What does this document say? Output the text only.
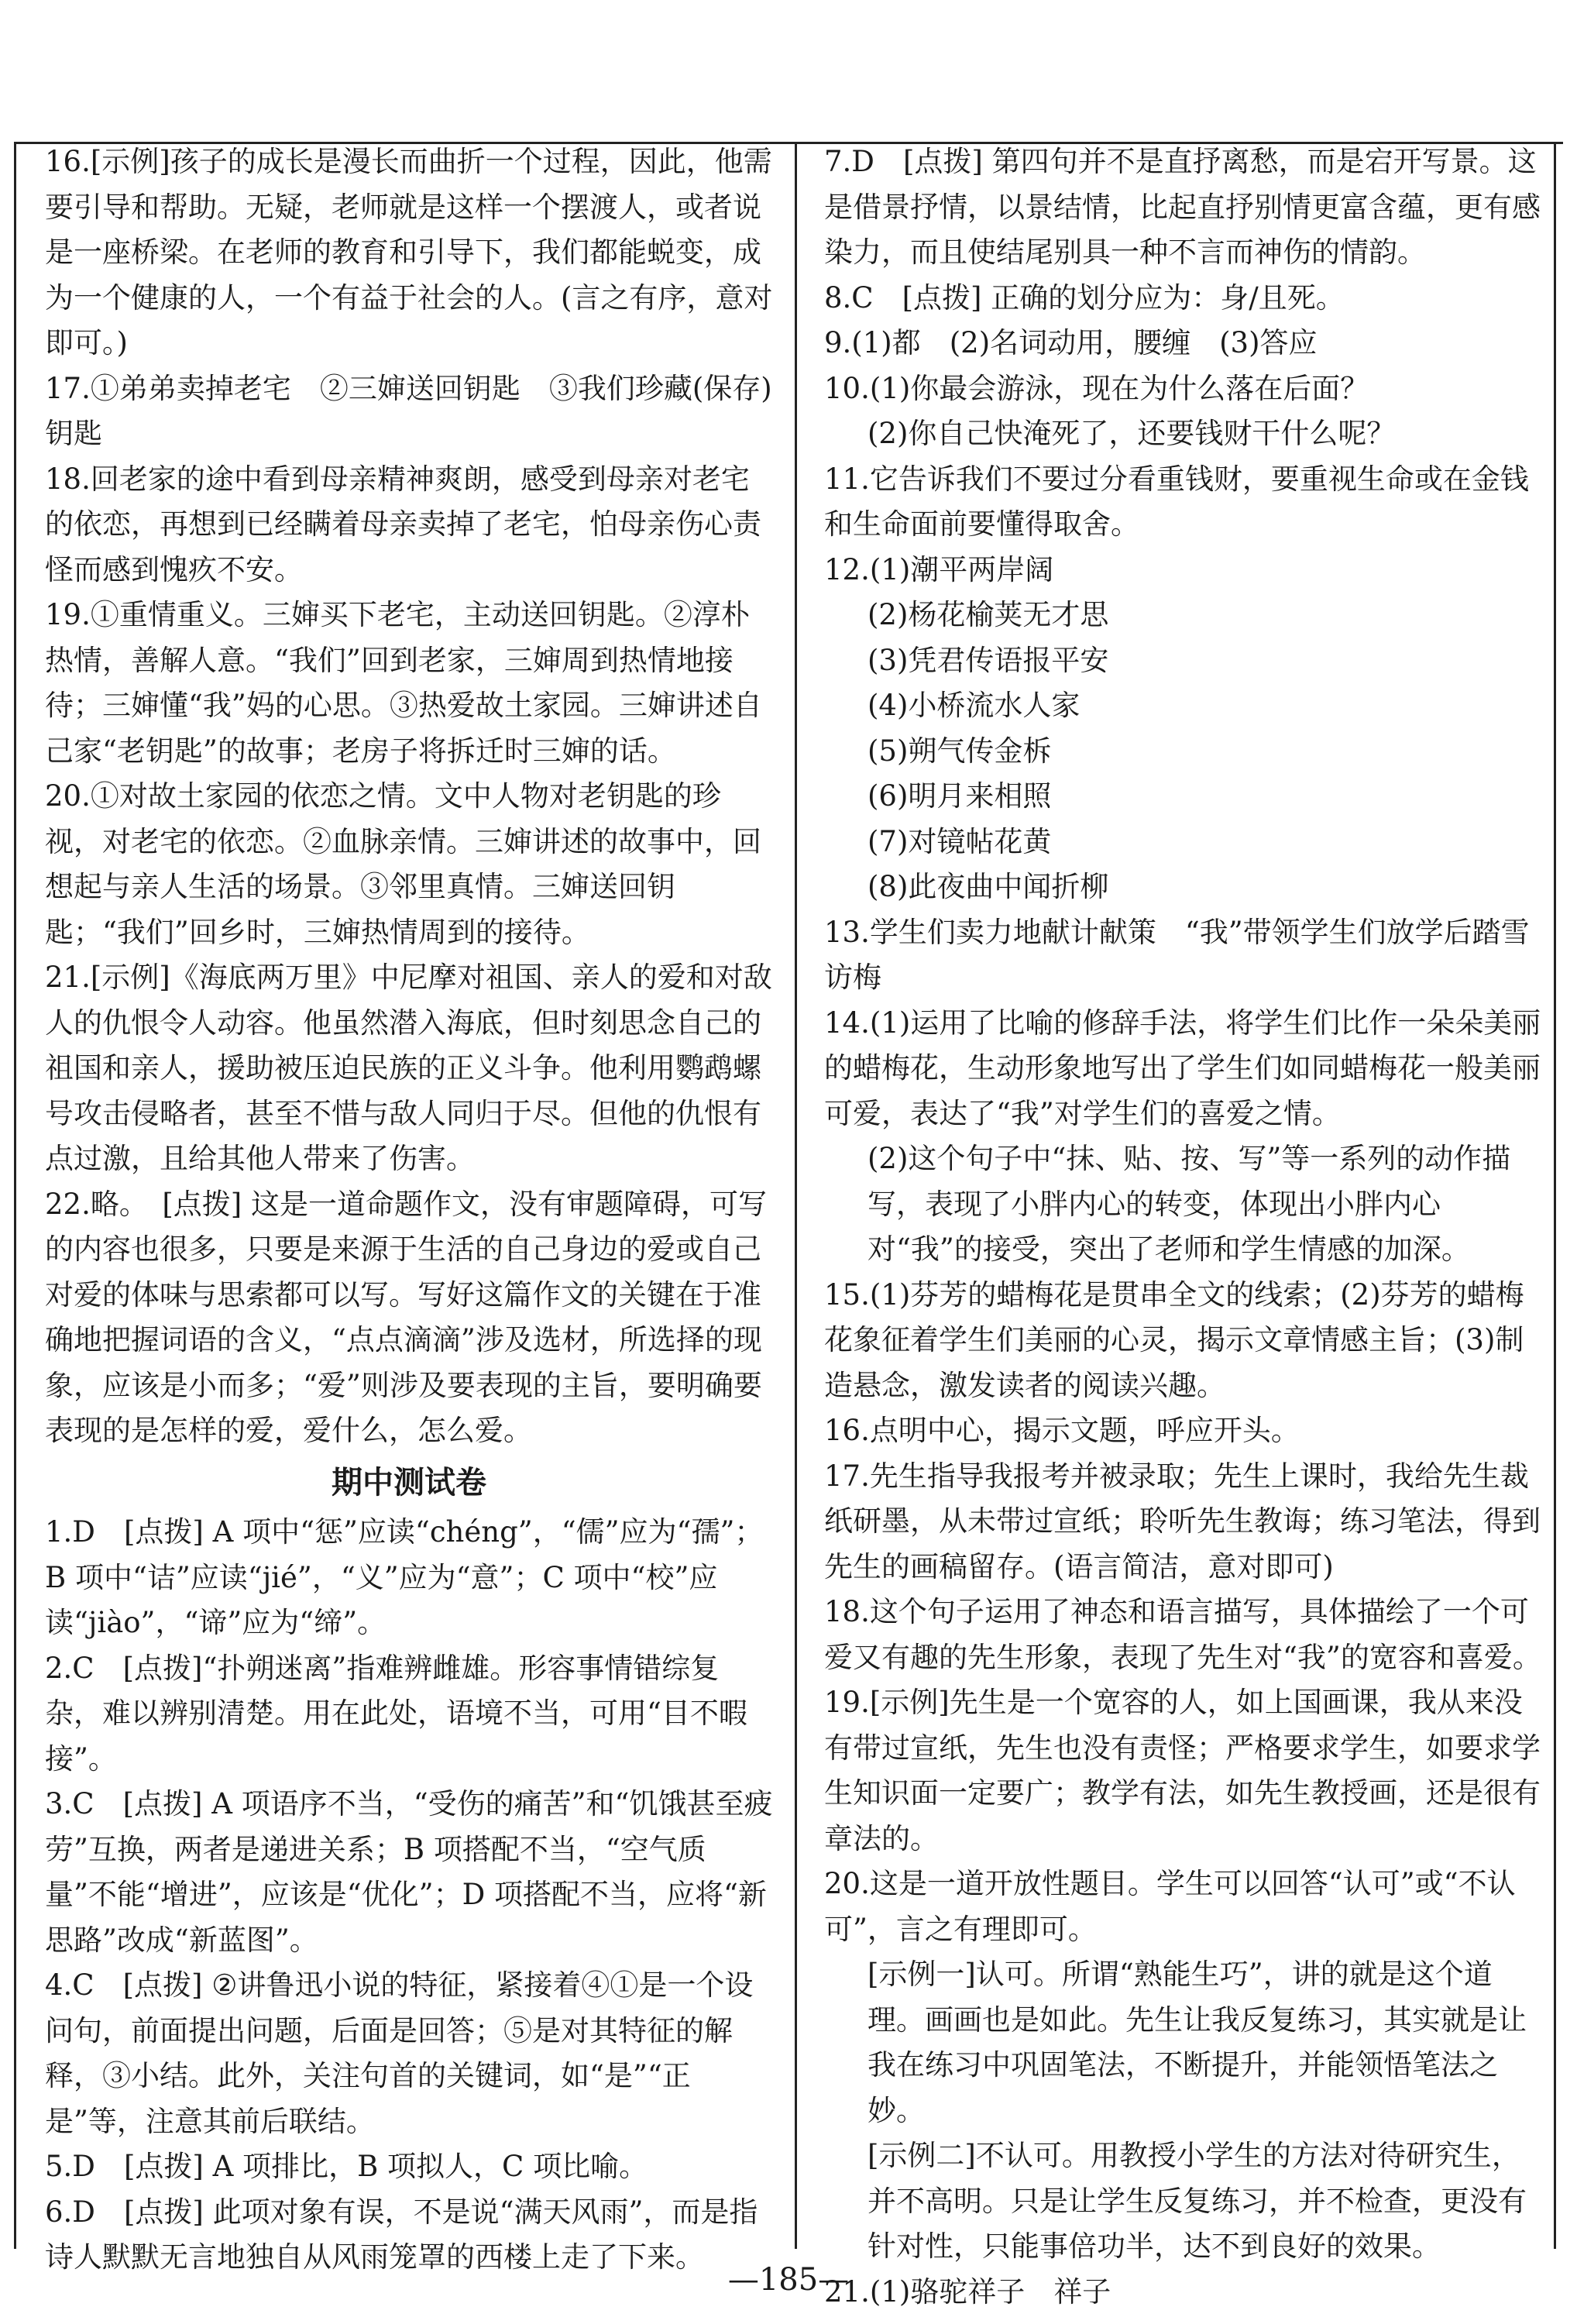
16.[示例]孩子的成长是漫长而曲折一个过程，因此，他需要引导和帮助。无疑，老师就是这样一个摆渡人，或者说是一座桥梁。在老师的教育和引导下，我们都能蜕变，成为一个健康的人，一个有益于社会的人。(言之有序，意对即可。)
17.①弟弟卖掉老宅　②三婶送回钥匙　③我们珍藏(保存)钥匙
18.回老家的途中看到母亲精神爽朗，感受到母亲对老宅的依恋，再想到已经瞒着母亲卖掉了老宅，怕母亲伤心责怪而感到愧疚不安。
19.①重情重义。三婶买下老宅，主动送回钥匙。②淳朴热情，善解人意。“我们”回到老家，三婶周到热情地接待；三婶懂“我”妈的心思。③热爱故土家园。三婶讲述自己家“老钥匙”的故事；老房子将拆迁时三婶的话。
20.①对故土家园的依恋之情。文中人物对老钥匙的珍视，对老宅的依恋。②血脉亲情。三婶讲述的故事中，回想起与亲人生活的场景。③邻里真情。三婶送回钥匙；“我们”回乡时，三婶热情周到的接待。
21.[示例]《海底两万里》中尼摩对祖国、亲人的爱和对敌人的仇恨令人动容。他虽然潜入海底，但时刻思念自己的祖国和亲人，援助被压迫民族的正义斗争。他利用鹦鹉螺号攻击侵略者，甚至不惜与敌人同归于尽。但他的仇恨有点过激，且给其他人带来了伤害。
22.略。　[点拨] 这是一道命题作文，没有审题障碍，可写的内容也很多，只要是来源于生活的自己身边的爱或自己对爱的体味与思索都可以写。写好这篇作文的关键在于准确地把握词语的含义，“点点滴滴”涉及选材，所选择的现象，应该是小而多；“爱”则涉及要表现的主旨，要明确要表现的是怎样的爱，爱什么，怎么爱。
期中测试卷
1.D　[点拨] A 项中“惩”应读“chéng”，“儒”应为“孺”；B 项中“诘”应读“jié”，“义”应为“意”；C 项中“校”应读“jiào”，“谛”应为“缔”。
2.C　[点拨]“扑朔迷离”指难辨雌雄。形容事情错综复杂，难以辨别清楚。用在此处，语境不当，可用“目不暇接”。
3.C　[点拨] A 项语序不当，“受伤的痛苦”和“饥饿甚至疲劳”互换，两者是递进关系；B 项搭配不当，“空气质量”不能“增进”，应该是“优化”；D 项搭配不当，应将“新思路”改成“新蓝图”。
4.C　[点拨] ②讲鲁迅小说的特征，紧接着④①是一个设问句，前面提出问题，后面是回答；⑤是对其特征的解释，③小结。此外，关注句首的关键词，如“是”“正是”等，注意其前后联结。
5.D　[点拨] A 项排比，B 项拟人，C 项比喻。
6.D　[点拨] 此项对象有误，不是说“满天风雨”，而是指诗人默默无言地独自从风雨笼罩的西楼上走了下来。
7.D　[点拨] 第四句并不是直抒离愁，而是宕开写景。这是借景抒情，以景结情，比起直抒别情更富含蕴，更有感染力，而且使结尾别具一种不言而神伤的情韵。
8.C　[点拨] 正确的划分应为：身/且死。
9.(1)都　(2)名词动用，腰缠　(3)答应
10.(1)你最会游泳，现在为什么落在后面？
(2)你自己快淹死了，还要钱财干什么呢？
11.它告诉我们不要过分看重钱财，要重视生命或在金钱和生命面前要懂得取舍。
12.(1)潮平两岸阔
(2)杨花榆荚无才思
(3)凭君传语报平安
(4)小桥流水人家
(5)朔气传金柝
(6)明月来相照
(7)对镜帖花黄
(8)此夜曲中闻折柳
13.学生们卖力地献计献策　“我”带领学生们放学后踏雪访梅
14.(1)运用了比喻的修辞手法，将学生们比作一朵朵美丽的蜡梅花，生动形象地写出了学生们如同蜡梅花一般美丽可爱，表达了“我”对学生们的喜爱之情。
(2)这个句子中“抹、贴、按、写”等一系列的动作描写，表现了小胖内心的转变，体现出小胖内心对“我”的接受，突出了老师和学生情感的加深。
15.(1)芬芳的蜡梅花是贯串全文的线索；(2)芬芳的蜡梅花象征着学生们美丽的心灵，揭示文章情感主旨；(3)制造悬念，激发读者的阅读兴趣。
16.点明中心，揭示文题，呼应开头。
17.先生指导我报考并被录取；先生上课时，我给先生裁纸研墨，从未带过宣纸；聆听先生教诲；练习笔法，得到先生的画稿留存。(语言简洁，意对即可)
18.这个句子运用了神态和语言描写，具体描绘了一个可爱又有趣的先生形象，表现了先生对“我”的宽容和喜爱。
19.[示例]先生是一个宽容的人，如上国画课，我从来没有带过宣纸，先生也没有责怪；严格要求学生，如要求学生知识面一定要广；教学有法，如先生教授画，还是很有章法的。
20.这是一道开放性题目。学生可以回答“认可”或“不认可”，言之有理即可。
[示例一]认可。所谓“熟能生巧”，讲的就是这个道理。画画也是如此。先生让我反复练习，其实就是让我在练习中巩固笔法，不断提升，并能领悟笔法之妙。
[示例二]不认可。用教授小学生的方法对待研究生，并不高明。只是让学生反复练习，并不检查，更没有针对性，只能事倍功半，达不到良好的效果。
21.(1)骆驼祥子　祥子
—185—
